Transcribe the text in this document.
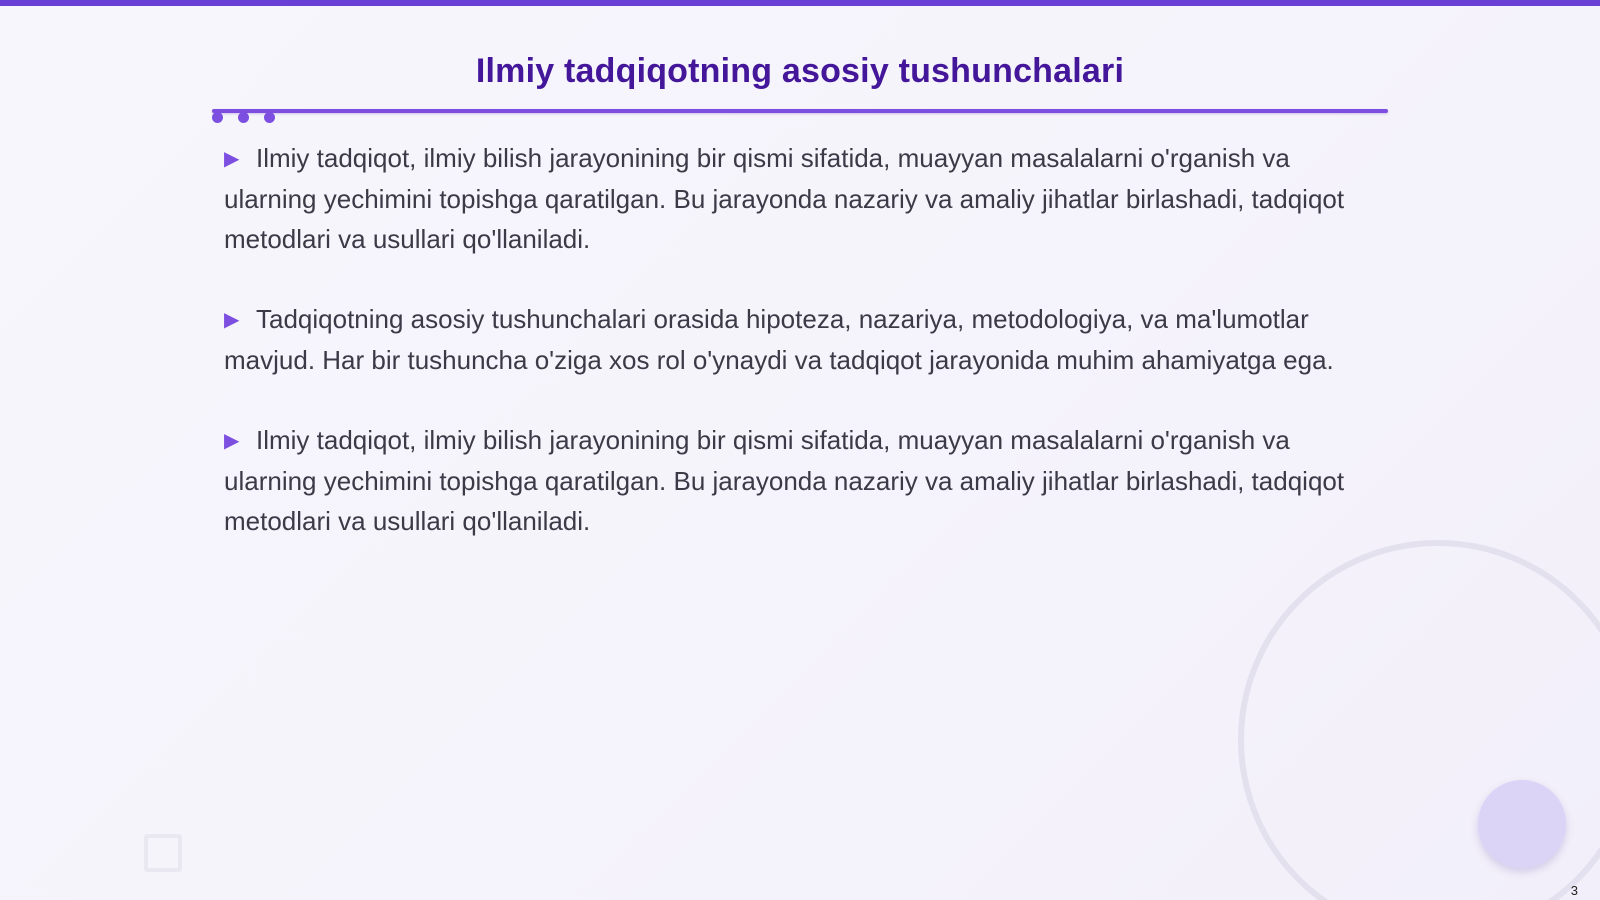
Ilmiy tadqiqotning asosiy tushunchalari

▶ Ilmiy tadqiqot, ilmiy bilish jarayonining bir qismi sifatida, muayyan masalalarni o'rganish va ularning yechimini topishga qaratilgan. Bu jarayonda nazariy va amaliy jihatlar birlashadi, tadqiqot metodlari va usullari qo'llaniladi.

▶ Tadqiqotning asosiy tushunchalari orasida hipoteza, nazariya, metodologiya, va ma'lumotlar mavjud. Har bir tushuncha o'ziga xos rol o'ynaydi va tadqiqot jarayonida muhim ahamiyatga ega.

▶ Ilmiy tadqiqot, ilmiy bilish jarayonining bir qismi sifatida, muayyan masalalarni o'rganish va ularning yechimini topishga qaratilgan. Bu jarayonda nazariy va amaliy jihatlar birlashadi, tadqiqot metodlari va usullari qo'llaniladi.

3
